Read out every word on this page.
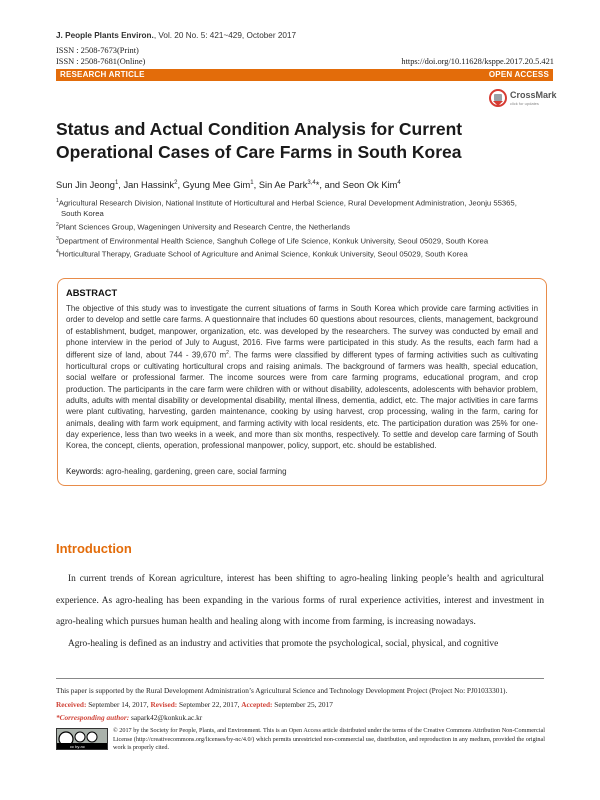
J. People Plants Environ., Vol. 20 No. 5: 421~429, October 2017
ISSN : 2508-7673(Print)
ISSN : 2508-7681(Online)	https://doi.org/10.11628/ksppe.2017.20.5.421
RESEARCH ARTICLE	OPEN ACCESS
CrossMark
click for updates
Status and Actual Condition Analysis for Current Operational Cases of Care Farms in South Korea
Sun Jin Jeong$^1$, Jan Hassink$^2$, Gyung Mee Gim$^1$, Sin Ae Park$^{3,4}$*, and Seon Ok Kim$^4$

$^1$Agricultural Research Division, National Institute of Horticultural and Herbal Science, Rural Development Administration, Jeonju 55365,

South Korea

$^2$Plant Sciences Group, Wageningen University and Research Centre, the Netherlands

$^3$Department of Environmental Health Science, Sanghuh College of Life Science, Konkuk University, Seoul 05029, South Korea

$^4$Horticultural Therapy, Graduate School of Agriculture and Animal Science, Konkuk University, Seoul 05029, South Korea

ABSTRACT
The objective of this study was to investigate the current situations of farms in South Korea which provide care farming activities in order to develop and settle care farms. A questionnaire that includes 60 questions about resources, clients, management, background of establishment, budget, manpower, organization, etc. was developed by the researchers. The survey was conducted by email and phone interview in the period of July to August, 2016. Five farms were participated in this study. As the results, each farm had a different size of land, about 744 - 39,670 $m^2$. The farms were classified by different types of farming activities such as cultivating horticultural crops or cultivating horticultural crops and raising animals. The background of farmers was health, special education, social welfare or professional farmer. The income sources were from care farming programs, educational program, and crop production. The participants in the care farm were children with or without disability, adolescents, adolescents with behavior problem, adults, adults with mental disability or developmental disability, mental illness, dementia, addict, etc. The major activities in care farms were plant cultivating, harvesting, garden maintenance, cooking by using harvest, crop processing, waling in the farm, caring for animals, dealing with farm work equipment, and farming activity with local residents, etc. The participation duration was 25% for one-day experience, less than two weeks in a week, and more than six months, respectively. To settle and develop care farming of South Korea, the concept, clients, operation, professional manpower, policy, support, etc. should be established.
Keywords: agro-healing, gardening, green care, social farming
Introduction

In current trends of Korean agriculture, interest has been shifting to agro-healing linking people’s health and agricultural experience. As agro-healing has been expanding in the various forms of rural experience activities, interest and investment in agro-healing which pursues human health and healing along with income from farming, is increasing nowadays.

Agro-healing is defined as an industry and activities that promote the psychological, social, physical, and cognitive

This paper is supported by the Rural Development Administration’s Agricultural Science and Technology Development Project (Project No: PJ01033301).
Received: September 14, 2017, Revised: September 22, 2017, Accepted: September 25, 2017
*Corresponding author: sapark42@konkuk.ac.kr
cc by-nc
© 2017 by the Society for People, Plants, and Environment. This is an Open Access article distributed under the terms of the Creative Commons Attribution Non-Commercial License (http://creativecommons.org/licenses/by-nc/4.0/) which permits unrestricted non-commercial use, distribution, and reproduction in any medium, provided the original work is properly cited.
